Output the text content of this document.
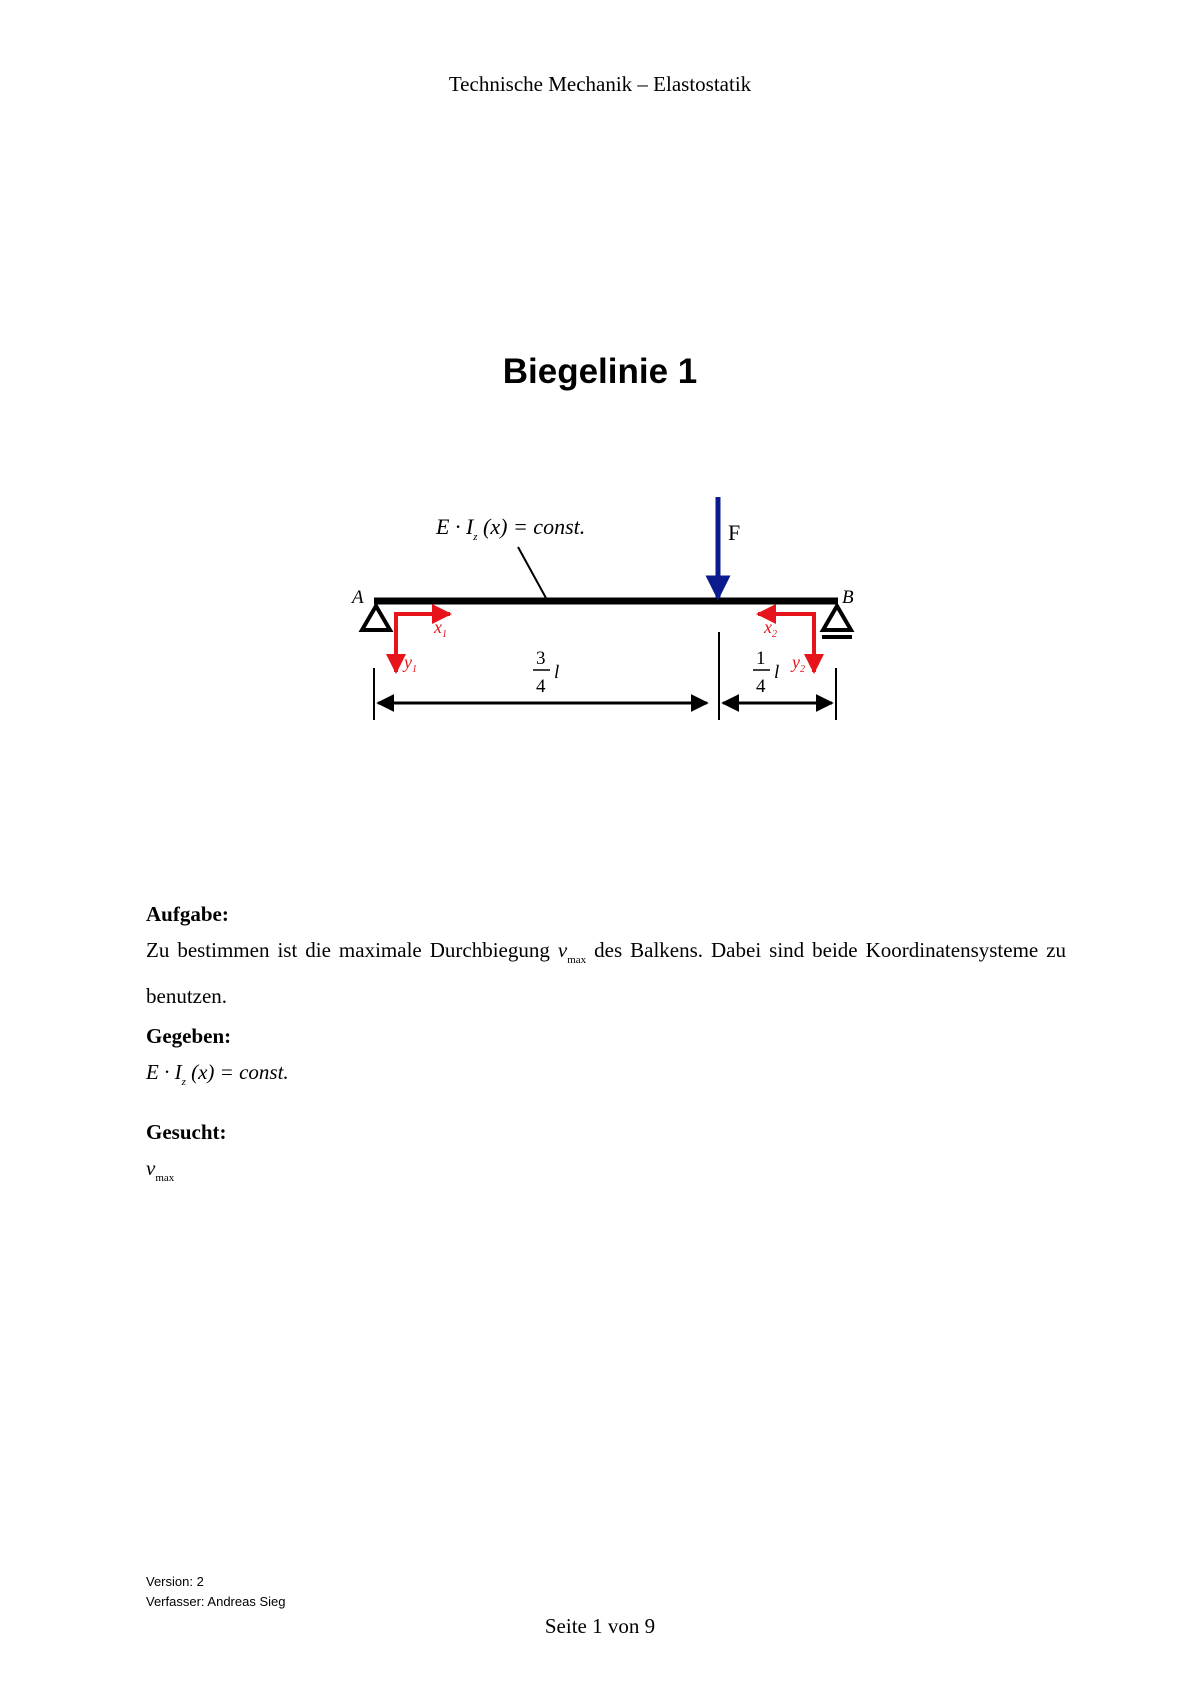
Technische Mechanik – Elastostatik
Biegelinie 1
$E \cdot I_z$ (x) = const.
A	B
F
$x_1$
$y_1$
$x_2$
$y_2$
3
4
l
1
4
l
Aufgabe:
Zu bestimmen ist die maximale Durchbiegung $v_{max}$ des Balkens. Dabei sind beide Koordinatensysteme zu benutzen.
Gegeben:
$E \cdot I_z$ (x) = const.
Gesucht:
$v_{max}$
Version: 2
Verfasser: Andreas Sieg
Seite 1 von 9
